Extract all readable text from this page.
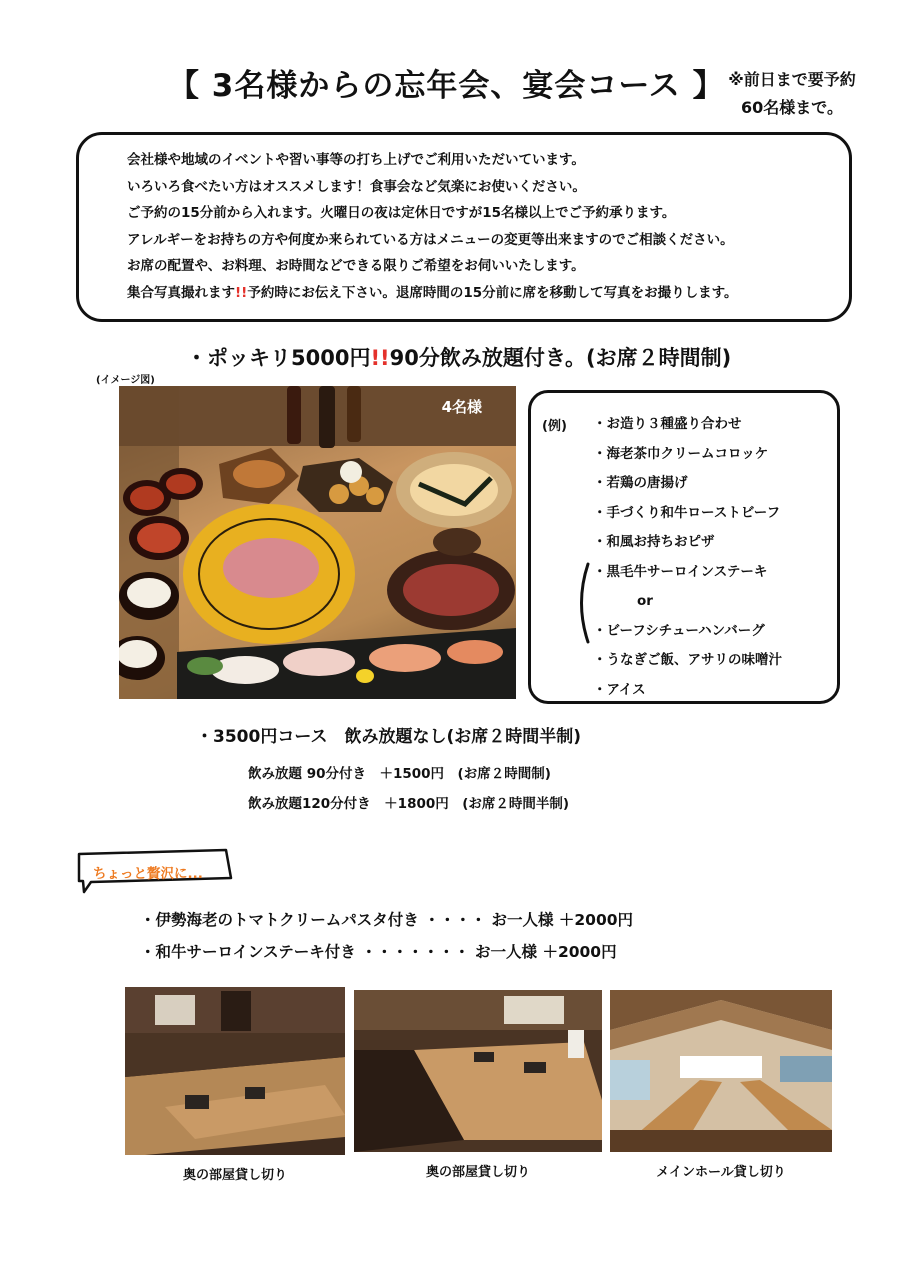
【 3名様からの忘年会、宴会コース 】 ※前日まで要予約
60名様まで。
会社様や地域のイベントや習い事等の打ち上げでご利用いただいています。
いろいろ食べたい方はオススメします！食事会など気楽にお使いください。
ご予約の15分前から入れます。火曜日の夜は定休日ですが15名様以上でご予約承ります。
アレルギーをお持ちの方や何度か来られている方はメニューの変更等出来ますのでご相談ください。
お席の配置や、お料理、お時間などできる限りご希望をお伺いいたします。
集合写真撮れます!!予約時にお伝え下さい。退席時間の15分前に席を移動して写真をお撮りします。
・ポッキリ5000円!!90分飲み放題付き。(お席２時間制)
(イメージ図)
4名様
(例) ・お造り３種盛り合わせ
・海老茶巾クリームコロッケ
・若鶏の唐揚げ
・手づくり和牛ローストビーフ
・和風お持ちおピザ
・黒毛牛サーロインステーキ
・ビーフシチューハンバーグ
・うなぎご飯、アサリの味噌汁
・アイス
or
・3500円コース　飲み放題なし(お席２時間半制)
飲み放題 90分付き　＋1500円　(お席２時間制)
飲み放題120分付き　＋1800円　(お席２時間半制)
ちょっと贅沢に...
・伊勢海老のトマトクリームパスタ付き ・・・・ お一人様 ＋2000円
・和牛サーロインステーキ付き ・・・・・・・ お一人様 ＋2000円
奥の部屋貸し切り	奥の部屋貸し切り	メインホール貸し切り
